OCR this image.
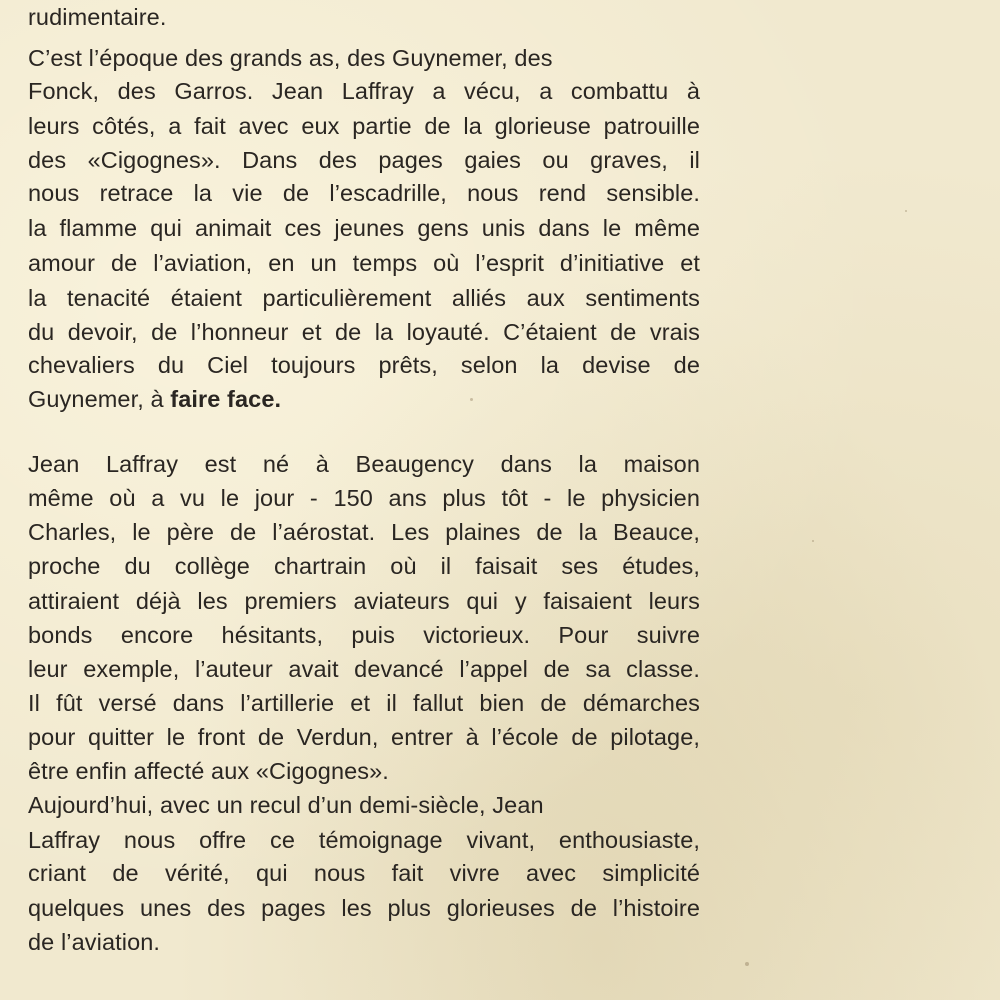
rudimentaire.
C’est l’époque des grands as, des Guynemer, des
Fonck, des Garros. Jean Laffray a vécu, a combattu à
leurs côtés, a fait avec eux partie de la glorieuse patrouille
des «Cigognes». Dans des pages gaies ou graves, il
nous retrace la vie de l’escadrille, nous rend sensible.
la flamme qui animait ces jeunes gens unis dans le même
amour de l’aviation, en un temps où l’esprit d’initiative et
la tenacité étaient particulièrement alliés aux sentiments
du devoir, de l’honneur et de la loyauté. C’étaient de vrais
chevaliers du Ciel toujours prêts, selon la devise de
Guynemer, à faire face.
Jean Laffray est né à Beaugency dans la maison
même où a vu le jour - 150 ans plus tôt - le physicien
Charles, le père de l’aérostat. Les plaines de la Beauce,
proche du collège chartrain où il faisait ses études,
attiraient déjà les premiers aviateurs qui y faisaient leurs
bonds encore hésitants, puis victorieux. Pour suivre
leur exemple, l’auteur avait devancé l’appel de sa classe.
Il fût versé dans l’artillerie et il fallut bien de démarches
pour quitter le front de Verdun, entrer à l’école de pilotage,
être enfin affecté aux «Cigognes».
Aujourd’hui, avec un recul d’un demi-siècle, Jean
Laffray nous offre ce témoignage vivant, enthousiaste,
criant de vérité, qui nous fait vivre avec simplicité
quelques unes des pages les plus glorieuses de l’histoire
de l’aviation.
